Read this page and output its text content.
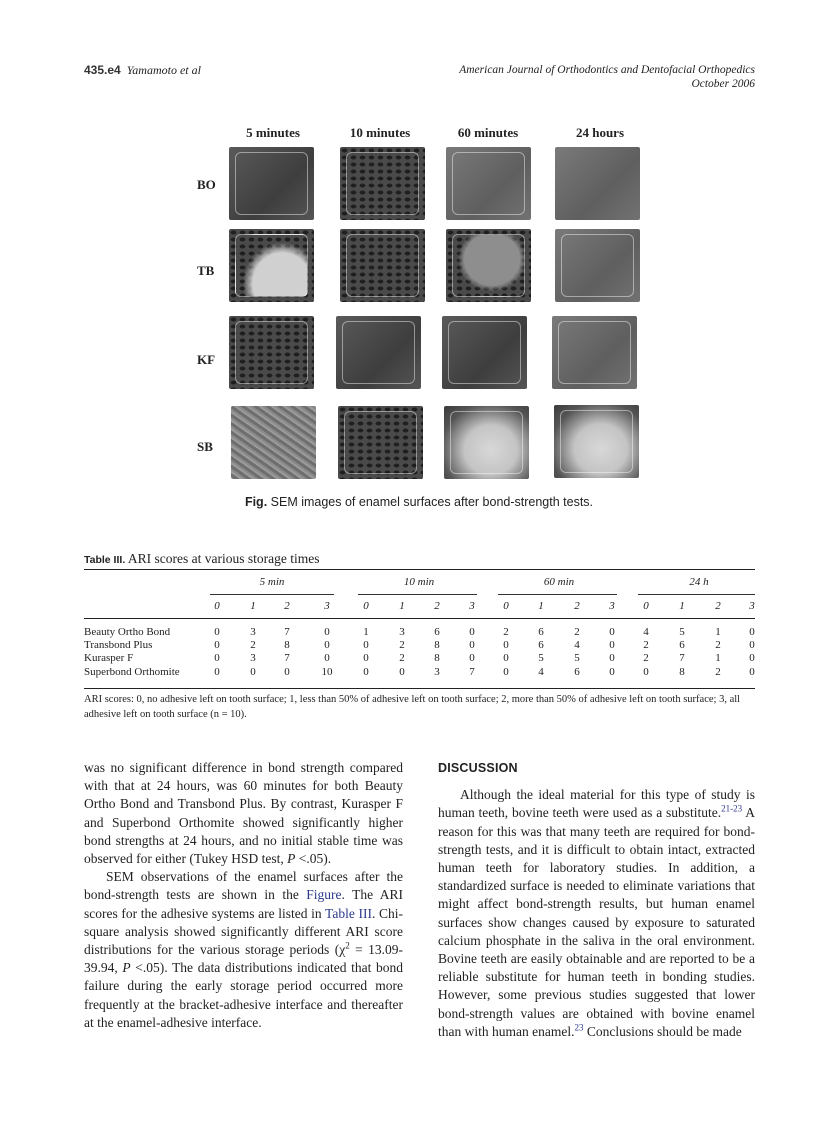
435.e4 Yamamoto et al	American Journal of Orthodontics and Dentofacial Orthopedics
October 2006
5 minutes	10 minutes	60 minutes	24 hours
BO
TB
KF
SB
Fig. SEM images of enamel surfaces after bond-strength tests.
Table III. ARI scores at various storage times
5 min	10 min	60 min	24 h
0	1	2	3	0	1	2	3	0	1	2	3	0	1	2	3
Beauty Ortho Bond	0	3	7	0	1	3	6	0	2	6	2	0	4	5	1	0
Transbond Plus	0	2	8	0	0	2	8	0	0	6	4	0	2	6	2	0
Kurasper F	0	3	7	0	0	2	8	0	0	5	5	0	2	7	1	0
Superbond Orthomite	0	0	0	10	0	0	3	7	0	4	6	0	0	8	2	0
ARI scores: 0, no adhesive left on tooth surface; 1, less than 50% of adhesive left on tooth surface; 2, more than 50% of adhesive left on tooth surface; 3, all adhesive left on tooth surface (n = 10).

was no significant difference in bond strength compared with that at 24 hours, was 60 minutes for both Beauty Ortho Bond and Transbond Plus. By contrast, Kurasper F and Superbond Orthomite showed significantly higher bond strengths at 24 hours, and no initial stable time was observed for either (Tukey HSD test, P <.05).

SEM observations of the enamel surfaces after the bond-strength tests are shown in the Figure. The ARI scores for the adhesive systems are listed in Table III. Chi-square analysis showed significantly different ARI score distributions for the various storage periods ($\chi^2 = 13.09-39.94$, P <.05). The data distributions indicated that bond failure during the early storage period occurred more frequently at the bracket-adhesive interface and thereafter at the enamel-adhesive interface.

DISCUSSION

Although the ideal material for this type of study is human teeth, bovine teeth were used as a substitute.$^{21-23}$ A reason for this was that many teeth are required for bond-strength tests, and it is difficult to obtain intact, extracted human teeth for laboratory studies. In addition, a standardized surface is needed to eliminate variations that might affect bond-strength results, but human enamel surfaces show changes caused by exposure to saturated calcium phosphate in the saliva in the oral environment. Bovine teeth are easily obtainable and are reported to be a reliable substitute for human teeth in bonding studies. However, some previous studies suggested that lower bond-strength values are obtained with bovine enamel than with human enamel.$^{23}$ Conclusions should be made
